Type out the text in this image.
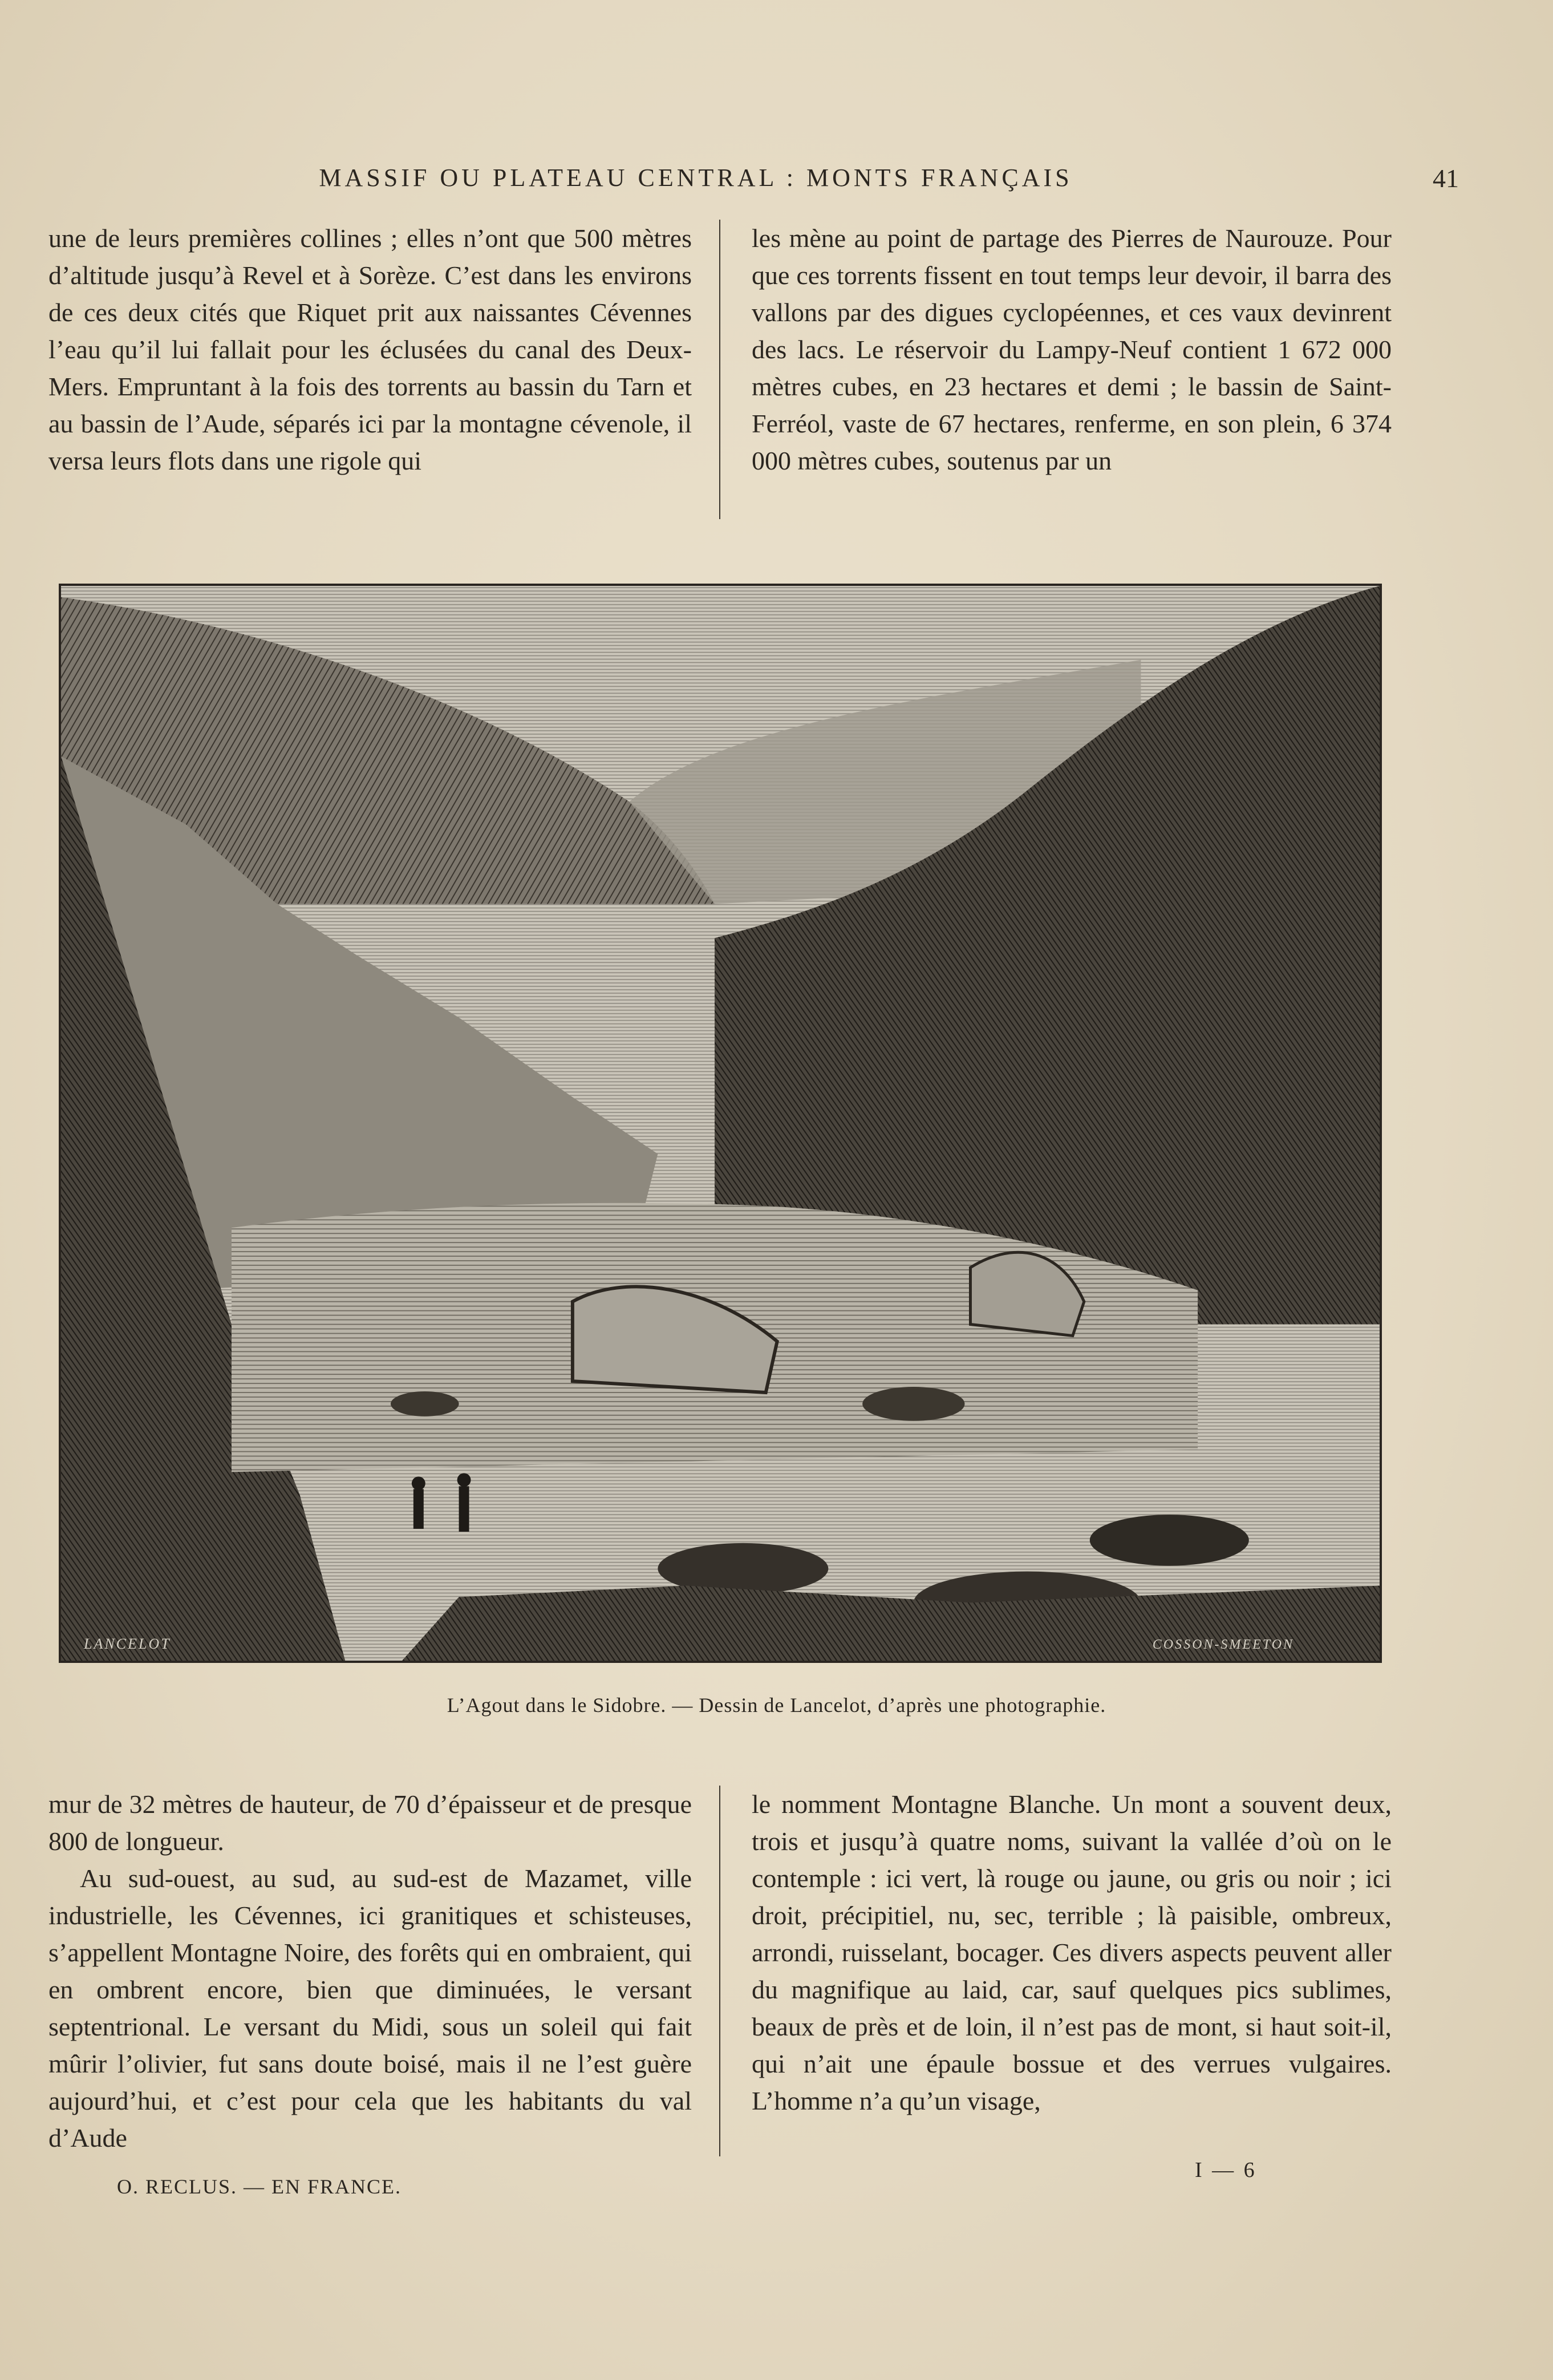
MASSIF OU PLATEAU CENTRAL : MONTS FRANÇAIS	41

une de leurs premières collines ; elles n’ont que 500 mètres d’altitude jusqu’à Revel et à Sorèze. C’est dans les environs de ces deux cités que Riquet prit aux naissantes Cévennes l’eau qu’il lui fallait pour les éclusées du canal des Deux-Mers. Empruntant à la fois des torrents au bassin du Tarn et au bassin de l’Aude, séparés ici par la montagne cévenole, il versa leurs flots dans une rigole qui

les mène au point de partage des Pierres de Naurouze. Pour que ces torrents fissent en tout temps leur devoir, il barra des vallons par des digues cyclopéennes, et ces vaux devinrent des lacs. Le réservoir du Lampy-Neuf contient 1 672 000 mètres cubes, en 23 hectares et demi ; le bassin de Saint-Ferréol, vaste de 67 hectares, renferme, en son plein, 6 374 000 mètres cubes, soutenus par un

LANCELOT	COSSON-SMEETON
L’Agout dans le Sidobre. — Dessin de Lancelot, d’après une photographie.

mur de 32 mètres de hauteur, de 70 d’épaisseur et de presque 800 de longueur.

Au sud-ouest, au sud, au sud-est de Mazamet, ville industrielle, les Cévennes, ici granitiques et schisteuses, s’appellent Montagne Noire, des forêts qui en ombraient, qui en ombrent encore, bien que diminuées, le versant septentrional. Le versant du Midi, sous un soleil qui fait mûrir l’olivier, fut sans doute boisé, mais il ne l’est guère aujourd’hui, et c’est pour cela que les habitants du val d’Aude

le nomment Montagne Blanche. Un mont a souvent deux, trois et jusqu’à quatre noms, suivant la vallée d’où on le contemple : ici vert, là rouge ou jaune, ou gris ou noir ; ici droit, précipitiel, nu, sec, terrible ; là paisible, ombreux, arrondi, ruisselant, bocager. Ces divers aspects peuvent aller du magnifique au laid, car, sauf quelques pics sublimes, beaux de près et de loin, il n’est pas de mont, si haut soit-il, qui n’ait une épaule bossue et des verrues vulgaires. L’homme n’a qu’un visage,

O. RECLUS. — EN FRANCE.
I — 6
